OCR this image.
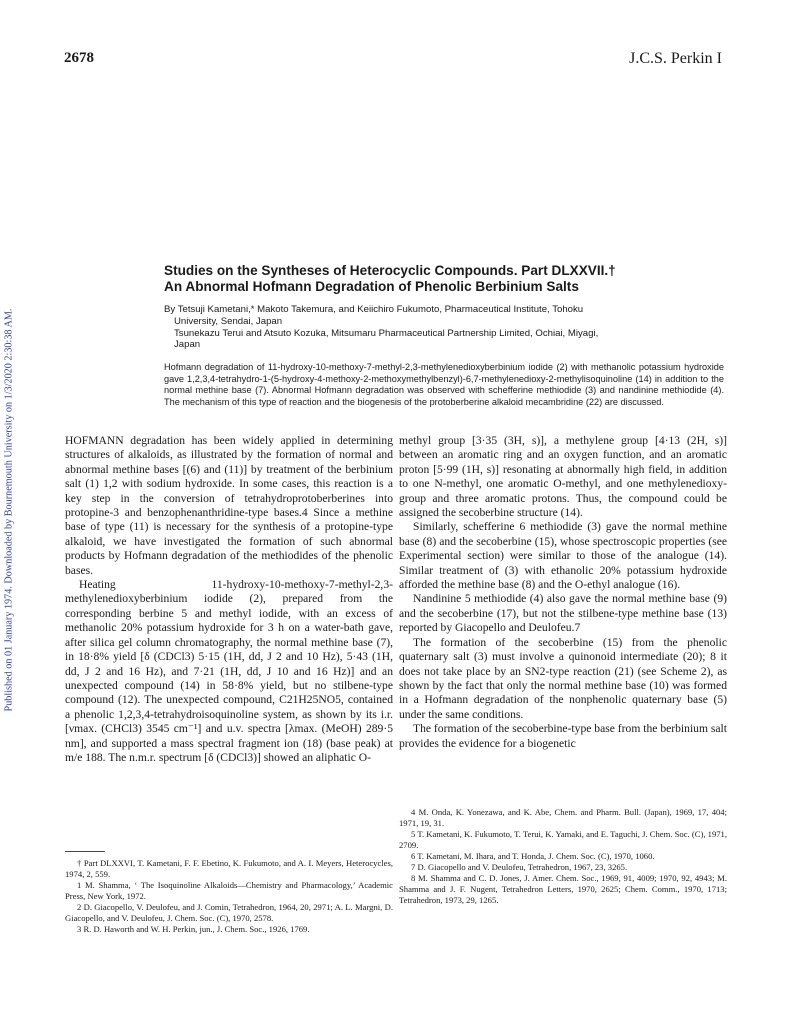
Published on 01 January 1974. Downloaded by Bournemouth University on 1/3/2020 2:30:38 AM.
2678	J.C.S. Perkin I
Studies on the Syntheses of Heterocyclic Compounds. Part DLXXVII.†
An Abnormal Hofmann Degradation of Phenolic Berbinium Salts

By Tetsuji Kametani,* Makoto Takemura, and Keiichiro Fukumoto, Pharmaceutical Institute, Tohoku

University, Sendai, Japan

Tsunekazu Terui and Atsuto Kozuka, Mitsumaru Pharmaceutical Partnership Limited, Ochiai, Miyagi,

Japan

Hofmann degradation of 11-hydroxy-10-methoxy-7-methyl-2,3-methylenedioxyberbinium iodide (2) with methanolic potassium hydroxide gave 1,2,3,4-tetrahydro-1-(5-hydroxy-4-methoxy-2-methoxymethylbenzyl)-6,7-methylenedioxy-2-methylisoquinoline (14) in addition to the normal methine base (7). Abnormal Hofmann degradation was observed with schefferine methiodide (3) and nandinine methiodide (4). The mechanism of this type of reaction and the biogenesis of the protoberberine alkaloid mecambridine (22) are discussed.

HOFMANN degradation has been widely applied in determining structures of alkaloids, as illustrated by the formation of normal and abnormal methine bases [(6) and (11)] by treatment of the berbinium salt (1) 1,2 with sodium hydroxide. In some cases, this reaction is a key step in the conversion of tetrahydroprotoberberines into protopine-3 and benzophenanthridine-type bases.4 Since a methine base of type (11) is necessary for the synthesis of a protopine-type alkaloid, we have investigated the formation of such abnormal products by Hofmann degradation of the methiodides of the phenolic bases.

Heating 11-hydroxy-10-methoxy-7-methyl-2,3-methylenedioxyberbinium iodide (2), prepared from the corresponding berbine 5 and methyl iodide, with an excess of methanolic 20% potassium hydroxide for 3 h on a water-bath gave, after silica gel column chromatography, the normal methine base (7), in 18·8% yield [δ (CDCl3) 5·15 (1H, dd, J 2 and 10 Hz), 5·43 (1H, dd, J 2 and 16 Hz), and 7·21 (1H, dd, J 10 and 16 Hz)] and an unexpected compound (14) in 58·8% yield, but no stilbene-type compound (12). The unexpected compound, C21H25NO5, contained a phenolic 1,2,3,4-tetrahydroisoquinoline system, as shown by its i.r. [νmax. (CHCl3) 3545 cm⁻¹] and u.v. spectra [λmax. (MeOH) 289·5 nm], and supported a mass spectral fragment ion (18) (base peak) at m/e 188. The n.m.r. spectrum [δ (CDCl3)] showed an aliphatic O-

methyl group [3·35 (3H, s)], a methylene group [4·13 (2H, s)] between an aromatic ring and an oxygen function, and an aromatic proton [5·99 (1H, s)] resonating at abnormally high field, in addition to one N-methyl, one aromatic O-methyl, and one methylenedioxy-group and three aromatic protons. Thus, the compound could be assigned the secoberbine structure (14).

Similarly, schefferine 6 methiodide (3) gave the normal methine base (8) and the secoberbine (15), whose spectroscopic properties (see Experimental section) were similar to those of the analogue (14). Similar treatment of (3) with ethanolic 20% potassium hydroxide afforded the methine base (8) and the O-ethyl analogue (16).

Nandinine 5 methiodide (4) also gave the normal methine base (9) and the secoberbine (17), but not the stilbene-type methine base (13) reported by Giacopello and Deulofeu.7

The formation of the secoberbine (15) from the phenolic quaternary salt (3) must involve a quinonoid intermediate (20); 8 it does not take place by an SN2-type reaction (21) (see Scheme 2), as shown by the fact that only the normal methine base (10) was formed in a Hofmann degradation of the nonphenolic quaternary base (5) under the same conditions.

The formation of the secoberbine-type base from the berbinium salt provides the evidence for a biogenetic

† Part DLXXVI, T. Kametani, F. F. Ebetino, K. Fukumoto, and A. I. Meyers, Heterocycles, 1974, 2, 559.

1 M. Shamma, ‘ The Isoquinoline Alkaloids—Chemistry and Pharmacology,’ Academic Press, New York, 1972.

2 D. Giacopello, V. Deulofeu, and J. Comin, Tetrahedron, 1964, 20, 2971; A. L. Margni, D. Giacopello, and V. Deulofeu, J. Chem. Soc. (C), 1970, 2578.

3 R. D. Haworth and W. H. Perkin, jun., J. Chem. Soc., 1926, 1769.

4 M. Onda, K. Yonezawa, and K. Abe, Chem. and Pharm. Bull. (Japan), 1969, 17, 404; 1971, 19, 31.

5 T. Kametani, K. Fukumoto, T. Terui, K. Yamaki, and E. Taguchi, J. Chem. Soc. (C), 1971, 2709.

6 T. Kametani, M. Ihara, and T. Honda, J. Chem. Soc. (C), 1970, 1060.

7 D. Giacopello and V. Deulofeu, Tetrahedron, 1967, 23, 3265.

8 M. Shamma and C. D. Jones, J. Amer. Chem. Soc., 1969, 91, 4009; 1970, 92, 4943; M. Shamma and J. F. Nugent, Tetrahedron Letters, 1970, 2625; Chem. Comm., 1970, 1713; Tetrahedron, 1973, 29, 1265.
